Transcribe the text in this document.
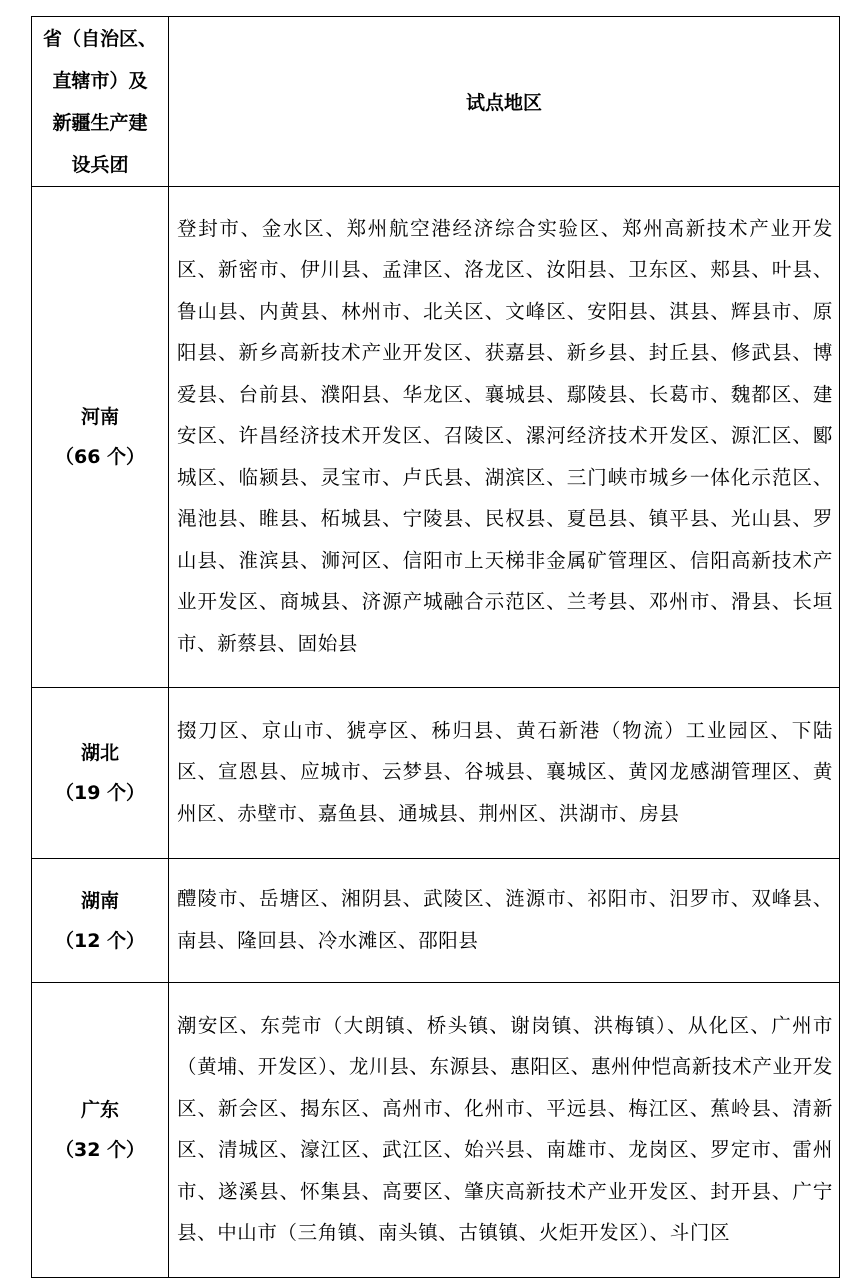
省（自治区、
直辖市）及
新疆生产建
设兵团	试点地区

河南
（66 个）	登封市、金水区、郑州航空港经济综合实验区、郑州高新技术产业开发区、新密市、伊川县、孟津区、洛龙区、汝阳县、卫东区、郏县、叶县、鲁山县、内黄县、林州市、北关区、文峰区、安阳县、淇县、辉县市、原阳县、新乡高新技术产业开发区、获嘉县、新乡县、封丘县、修武县、博爱县、台前县、濮阳县、华龙区、襄城县、鄢陵县、长葛市、魏都区、建安区、许昌经济技术开发区、召陵区、漯河经济技术开发区、源汇区、郾城区、临颍县、灵宝市、卢氏县、湖滨区、三门峡市城乡一体化示范区、渑池县、睢县、柘城县、宁陵县、民权县、夏邑县、镇平县、光山县、罗山县、淮滨县、浉河区、信阳市上天梯非金属矿管理区、信阳高新技术产业开发区、商城县、济源产城融合示范区、兰考县、邓州市、滑县、长垣市、新蔡县、固始县

湖北
（19 个）	掇刀区、京山市、猇亭区、秭归县、黄石新港（物流）工业园区、下陆区、宣恩县、应城市、云梦县、谷城县、襄城区、黄冈龙感湖管理区、黄州区、赤壁市、嘉鱼县、通城县、荆州区、洪湖市、房县

湖南
（12 个）	醴陵市、岳塘区、湘阴县、武陵区、涟源市、祁阳市、汨罗市、双峰县、南县、隆回县、冷水滩区、邵阳县

广东
（32 个）	潮安区、东莞市（大朗镇、桥头镇、谢岗镇、洪梅镇）、从化区、广州市（黄埔、开发区）、龙川县、东源县、惠阳区、惠州仲恺高新技术产业开发区、新会区、揭东区、高州市、化州市、平远县、梅江区、蕉岭县、清新区、清城区、濠江区、武江区、始兴县、南雄市、龙岗区、罗定市、雷州市、遂溪县、怀集县、高要区、肇庆高新技术产业开发区、封开县、广宁县、中山市（三角镇、南头镇、古镇镇、火炬开发区）、斗门区
